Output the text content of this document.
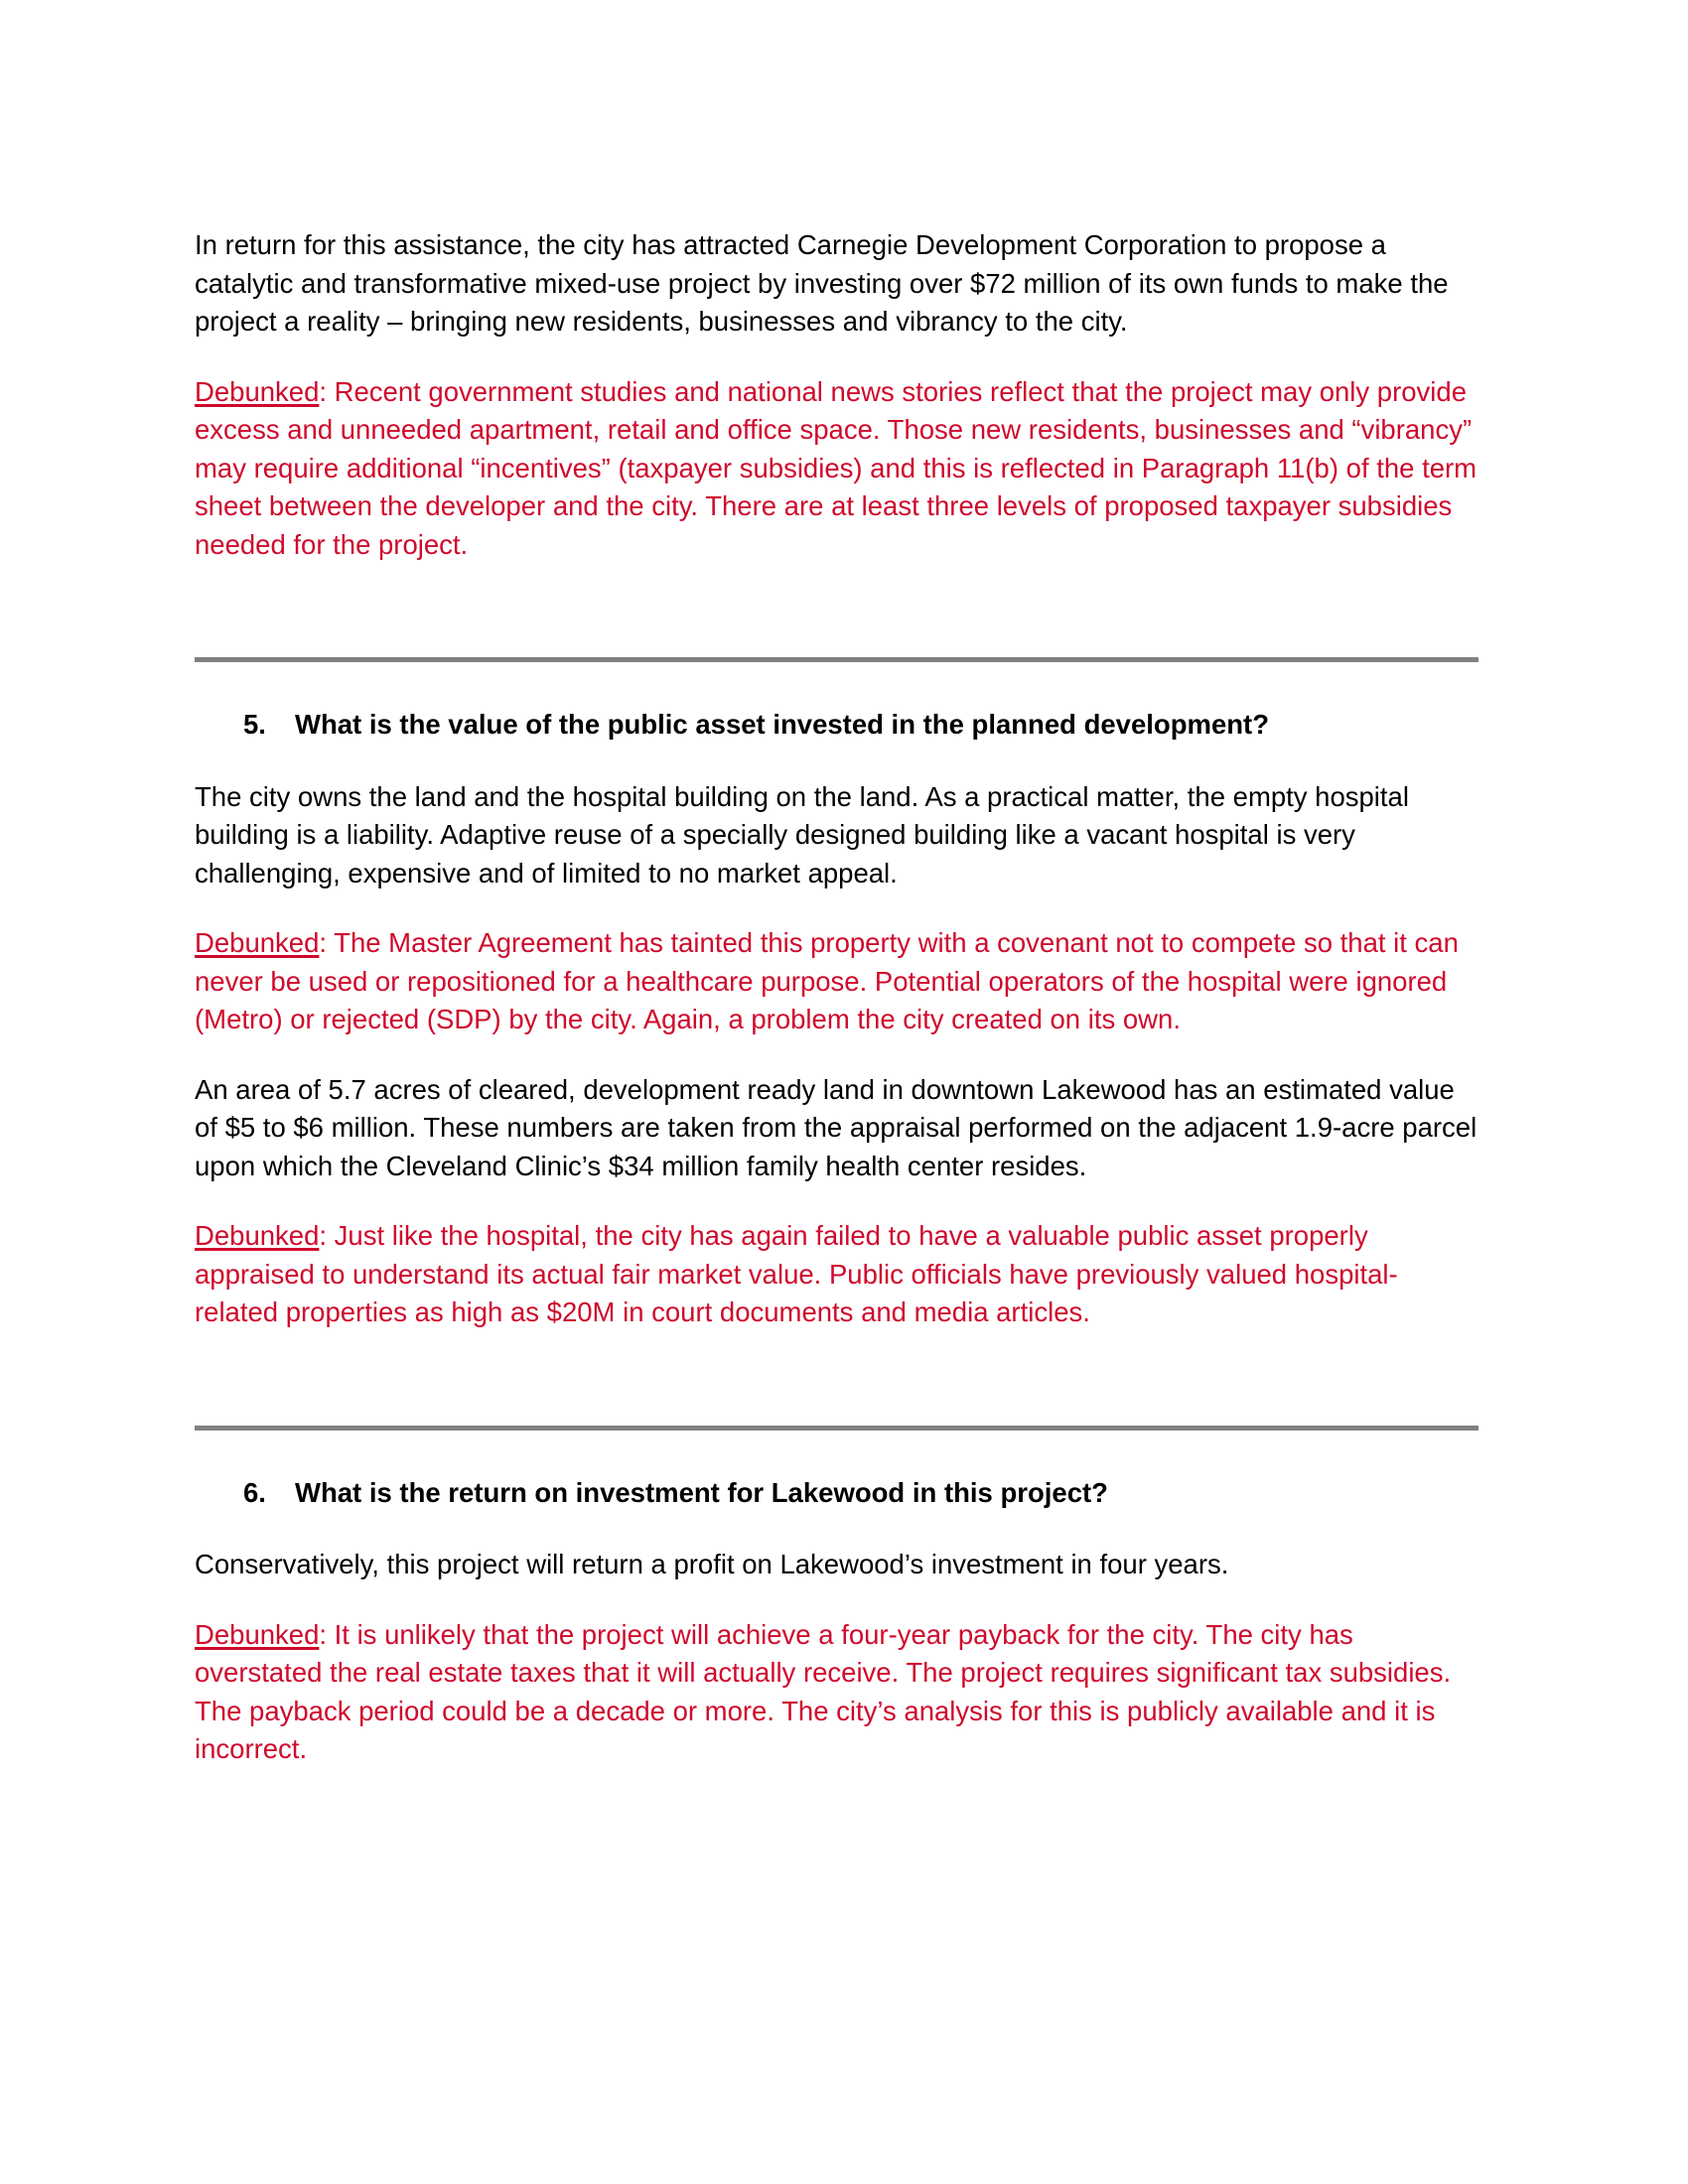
In return for this assistance, the city has attracted Carnegie Development Corporation to propose a catalytic and transformative mixed-use project by investing over $72 million of its own funds to make the project a reality – bringing new residents, businesses and vibrancy to the city.

Debunked: Recent government studies and national news stories reflect that the project may only provide excess and unneeded apartment, retail and office space. Those new residents, businesses and “vibrancy” may require additional “incentives” (taxpayer subsidies) and this is reflected in Paragraph 11(b) of the term sheet between the developer and the city. There are at least three levels of proposed taxpayer subsidies needed for the project.

5.	What is the value of the public asset invested in the planned development?

The city owns the land and the hospital building on the land. As a practical matter, the empty hospital building is a liability. Adaptive reuse of a specially designed building like a vacant hospital is very challenging, expensive and of limited to no market appeal.

Debunked: The Master Agreement has tainted this property with a covenant not to compete so that it can never be used or repositioned for a healthcare purpose. Potential operators of the hospital were ignored (Metro) or rejected (SDP) by the city. Again, a problem the city created on its own.

An area of 5.7 acres of cleared, development ready land in downtown Lakewood has an estimated value of $5 to $6 million. These numbers are taken from the appraisal performed on the adjacent 1.9-acre parcel upon which the Cleveland Clinic’s $34 million family health center resides.

Debunked: Just like the hospital, the city has again failed to have a valuable public asset properly appraised to understand its actual fair market value. Public officials have previously valued hospital-related properties as high as $20M in court documents and media articles.

6.	What is the return on investment for Lakewood in this project?

Conservatively, this project will return a profit on Lakewood’s investment in four years.

Debunked: It is unlikely that the project will achieve a four-year payback for the city. The city has overstated the real estate taxes that it will actually receive. The project requires significant tax subsidies. The payback period could be a decade or more. The city’s analysis for this is publicly available and it is incorrect.
